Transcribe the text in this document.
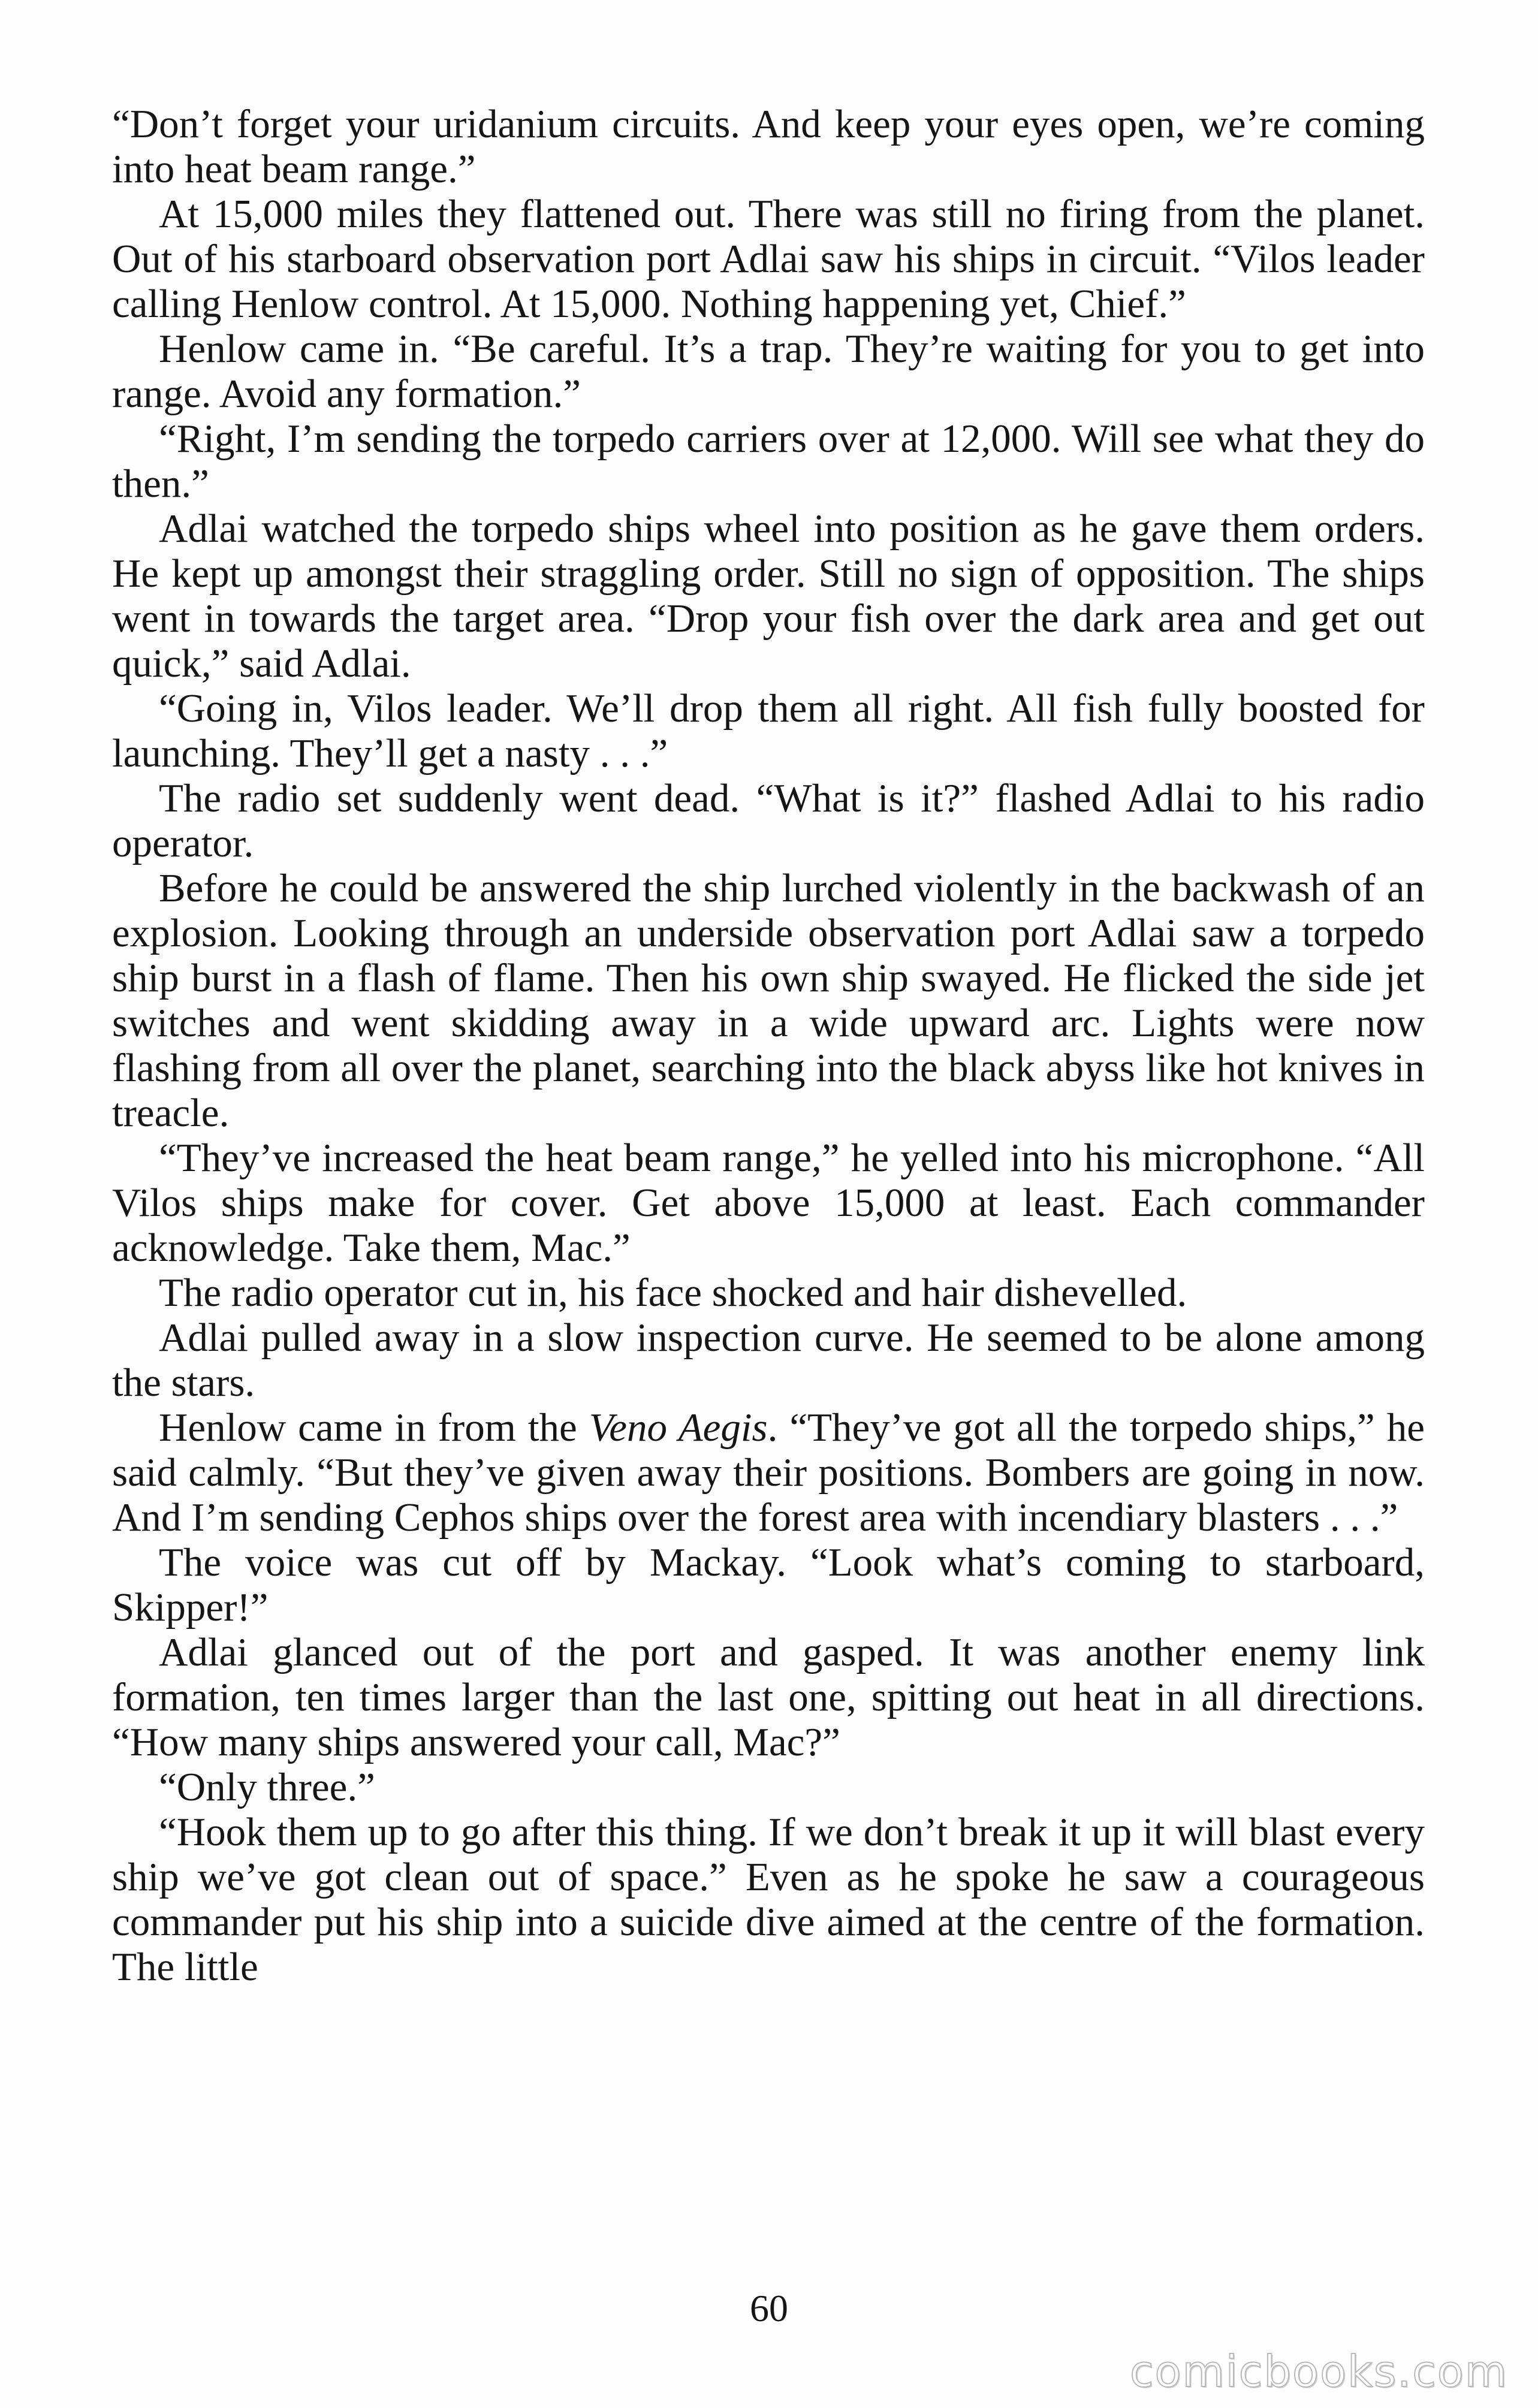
“Don’t forget your uridanium circuits. And keep your eyes open, we’re coming into heat beam range.”

At 15,000 miles they flattened out. There was still no firing from the planet. Out of his starboard observation port Adlai saw his ships in circuit. “Vilos leader calling Henlow control. At 15,000. Nothing happening yet, Chief.”

Henlow came in. “Be careful. It’s a trap. They’re waiting for you to get into range. Avoid any formation.”

“Right, I’m sending the torpedo carriers over at 12,000. Will see what they do then.”

Adlai watched the torpedo ships wheel into position as he gave them orders. He kept up amongst their straggling order. Still no sign of opposition. The ships went in towards the target area. “Drop your fish over the dark area and get out quick,” said Adlai.

“Going in, Vilos leader. We’ll drop them all right. All fish fully boosted for launching. They’ll get a nasty . . .”

The radio set suddenly went dead. “What is it?” flashed Adlai to his radio operator.

Before he could be answered the ship lurched violently in the backwash of an explosion. Looking through an underside observation port Adlai saw a torpedo ship burst in a flash of flame. Then his own ship swayed. He flicked the side jet switches and went skidding away in a wide upward arc. Lights were now flashing from all over the planet, searching into the black abyss like hot knives in treacle.

“They’ve increased the heat beam range,” he yelled into his microphone. “All Vilos ships make for cover. Get above 15,000 at least. Each commander acknowledge. Take them, Mac.”

The radio operator cut in, his face shocked and hair dishevelled.

Adlai pulled away in a slow inspection curve. He seemed to be alone among the stars.

Henlow came in from the Veno Aegis. “They’ve got all the torpedo ships,” he said calmly. “But they’ve given away their positions. Bombers are going in now. And I’m sending Cephos ships over the forest area with incendiary blasters . . .”

The voice was cut off by Mackay. “Look what’s coming to starboard, Skipper!”

Adlai glanced out of the port and gasped. It was another enemy link formation, ten times larger than the last one, spitting out heat in all directions. “How many ships answered your call, Mac?”

“Only three.”

“Hook them up to go after this thing. If we don’t break it up it will blast every ship we’ve got clean out of space.” Even as he spoke he saw a courageous commander put his ship into a suicide dive aimed at the centre of the formation. The little

60
comicbooks.com
